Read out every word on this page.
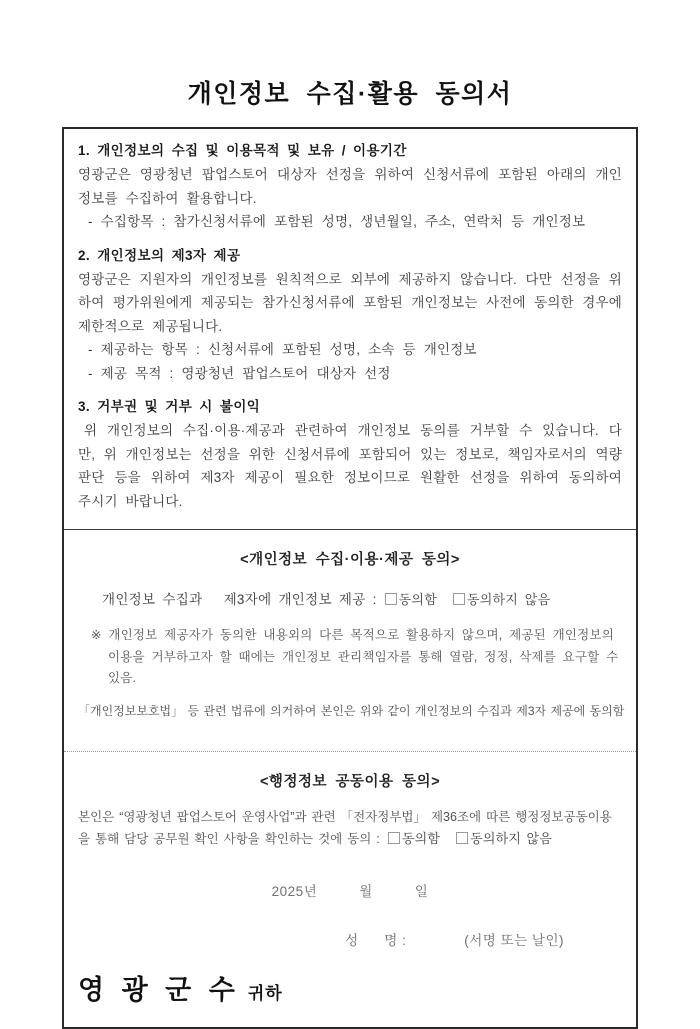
개인정보 수집·활용 동의서

1. 개인정보의 수집 및 이용목적 및 보유 / 이용기간

영광군은 영광청년 팝업스토어 대상자 선정을 위하여 신청서류에 포함된 아래의 개인정보를 수집하여 활용합니다.

- 수집항목 : 참가신청서류에 포함된 성명, 생년월일, 주소, 연락처 등 개인정보

2. 개인정보의 제3자 제공

영광군은 지원자의 개인정보를 원칙적으로 외부에 제공하지 않습니다. 다만 선정을 위하여 평가위원에게 제공되는 참가신청서류에 포함된 개인정보는 사전에 동의한 경우에 제한적으로 제공됩니다.

- 제공하는 항목 : 신청서류에 포함된 성명, 소속 등 개인정보

- 제공 목적 : 영광청년 팝업스토어 대상자 선정

3. 거부권 및 거부 시 불이익

위 개인정보의 수집·이용·제공과 관련하여 개인정보 동의를 거부할 수 있습니다. 다만, 위 개인정보는 선정을 위한 신청서류에 포함되어 있는 정보로, 책임자로서의 역량 판단 등을 위하여 제3자 제공이 필요한 정보이므로 원활한 선정을 위하여 동의하여 주시기 바랍니다.

<개인정보 수집·이용·제공 동의>

개인정보 수집과   제3자에 개인정보 제공 : 동의함 동의하지 않음

※ 개인정보 제공자가 동의한 내용외의 다른 목적으로 활용하지 않으며, 제공된 개인정보의 이용을 거부하고자 할 때에는 개인정보 관리책임자를 통해 열람, 정정, 삭제를 요구할 수 있음.

「개인정보보호법」 등 관련 법류에 의거하여 본인은 위와 같이 개인정보의 수집과 제3자 제공에 동의함

<행정정보 공동이용 동의>

본인은 “영광청년 팝업스토어 운영사업”과 관련 「전자정부법」 제36조에 따른 행정정보공동이용을 통해 담당 공무원 확인 사항을 확인하는 것에 동의 : 동의함 동의하지 않음
2025년	월	일
성      명 :	(서명 또는 날인)
영 광 군 수 귀하
